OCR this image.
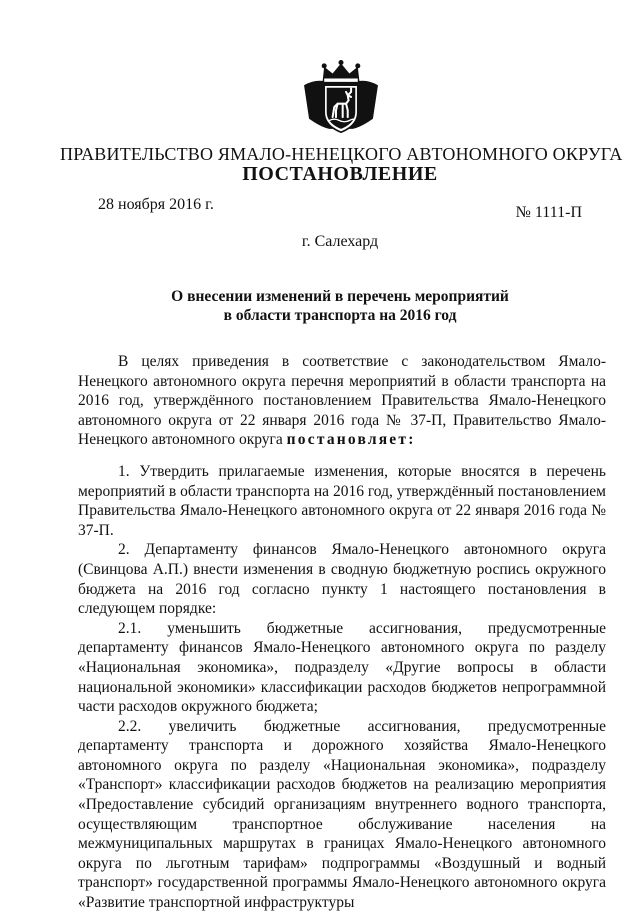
ПРАВИТЕЛЬСТВО ЯМАЛО-НЕНЕЦКОГО АВТОНОМНОГО ОКРУГА
ПОСТАНОВЛЕНИЕ
28 ноября 2016 г.	№ 1111-П
г. Салехард
О внесении изменений в перечень мероприятий
в области транспорта на 2016 год

В целях приведения в соответствие с законодательством Ямало-Ненецкого автономного округа перечня мероприятий в области транспорта на 2016 год, утверждённого постановлением Правительства Ямало-Ненецкого автономного округа от 22 января 2016 года № 37-П, Правительство Ямало-Ненецкого автономного округа постановляет:

1. Утвердить прилагаемые изменения, которые вносятся в перечень мероприятий в области транспорта на 2016 год, утверждённый постановлением Правительства Ямало-Ненецкого автономного округа от 22 января 2016 года № 37-П.

2. Департаменту финансов Ямало-Ненецкого автономного округа (Свинцова А.П.) внести изменения в сводную бюджетную роспись окружного бюджета на 2016 год согласно пункту 1 настоящего постановления в следующем порядке:

2.1. уменьшить бюджетные ассигнования, предусмотренные департаменту финансов Ямало-Ненецкого автономного округа по разделу «Национальная экономика», подразделу «Другие вопросы в области национальной экономики» классификации расходов бюджетов непрограммной части расходов окружного бюджета;

2.2. увеличить бюджетные ассигнования, предусмотренные департаменту транспорта и дорожного хозяйства Ямало-Ненецкого автономного округа по разделу «Национальная экономика», подразделу «Транспорт» классификации расходов бюджетов на реализацию мероприятия «Предоставление субсидий организациям внутреннего водного транспорта, осуществляющим транспортное обслуживание населения на межмуниципальных маршрутах в границах Ямало-Ненецкого автономного округа по льготным тарифам» подпрограммы «Воздушный и водный транспорт» государственной программы Ямало-Ненецкого автономного округа «Развитие транспортной инфраструктуры
